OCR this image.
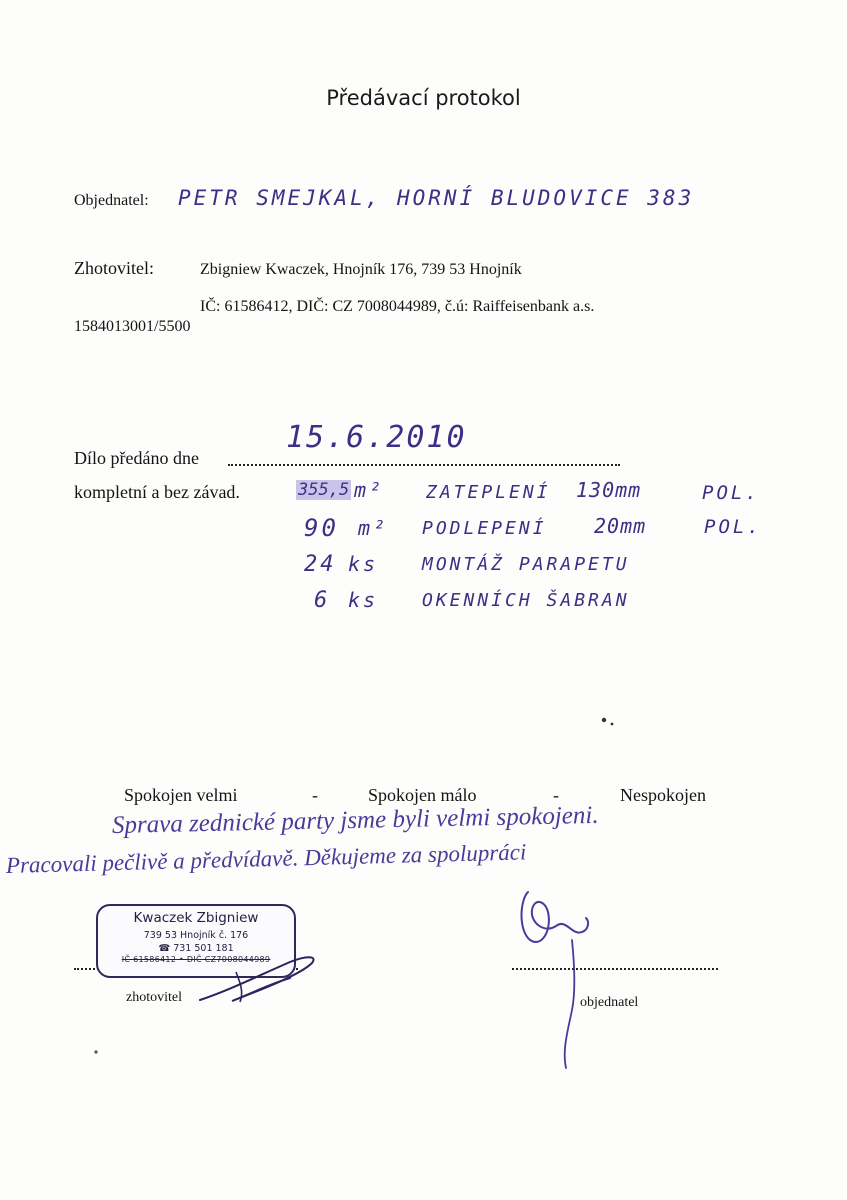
Předávací protokol
Objednatel: PETR SMEJKAL, HORNÍ BLUDOVICE 383
Zhotovitel:	Zbigniew Kwaczek, Hnojník 176, 739 53 Hnojník
IČ: 61586412, DIČ: CZ 7008044989, č.ú: Raiffeisenbank a.s.
1584013001/5500
Dílo předáno dne
15.6.2010
kompletní a bez závad.	355,5 m² ZATEPLENÍ 130mm	POL.
90 m² PODLEPENÍ 20mm	POL.
24 ks MONTÁŽ PARAPETU
6 ks OKENNÍCH ŠABRAN
Spokojen velmi	-	Spokojen málo	-	Nespokojen
Sprava zednické party jsme byli velmi spokojeni.
Pracovali pečlivě a předvídavě. Děkujeme za spolupráci
Kwaczek Zbigniew
739 53 Hnojník č. 176
☎ 731 501 181
IČ 61586412 • DIČ CZ7008044989
zhotovitel	objednatel
